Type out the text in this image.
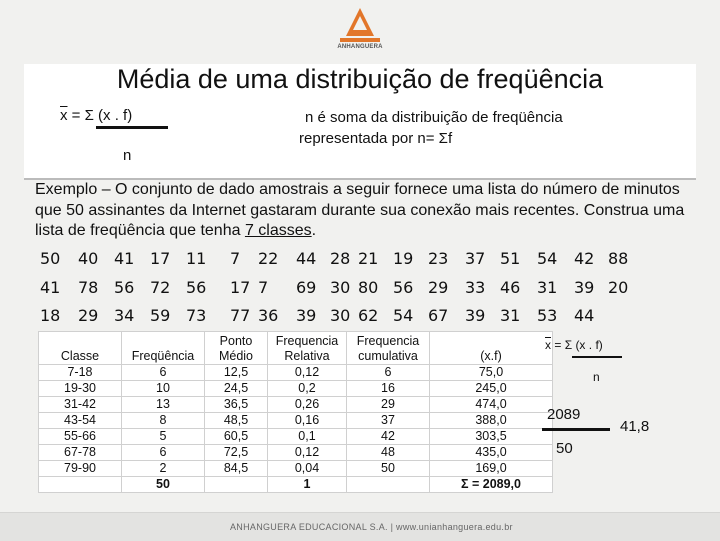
ANHANGUERA
Média de uma distribuição de freqüência
$\overline{x} = \Sigma$ (x . f)
n
n é soma da distribuição de freqüência
representada por n= Σf
Exemplo – O conjunto de dado amostrais a seguir fornece uma lista do número de minutos que 50 assinantes da Internet gastaram durante sua conexão mais recentes. Construa uma lista de freqüência que tenha 7 classes.
50 40 41 17 11 7 22 44 28 21 19 23 37 51 54 42 88
41 78 56 72 56 17 7 69 30 80 56 29 33 46 31 39 20
18 29 34 59 73 77 36 39 30 62 54 67 39 31 53 44
Classe	Freqüência	Ponto Médio	Frequencia Relativa	Frequencia cumulativa	(x.f)
7-18	6	12,5	0,12	6	75,0
19-30	10	24,5	0,2	16	245,0
31-42	13	36,5	0,26	29	474,0
43-54	8	48,5	0,16	37	388,0
55-66	5	60,5	0,1	42	303,5
67-78	6	72,5	0,12	48	435,0
79-90	2	84,5	0,04	50	169,0
	50		1		Σ = 2089,0
$\overline{x} = \Sigma$ (x . f)
n
2089
50
41,8
ANHANGUERA EDUCACIONAL S.A. | www.unianhanguera.edu.br
